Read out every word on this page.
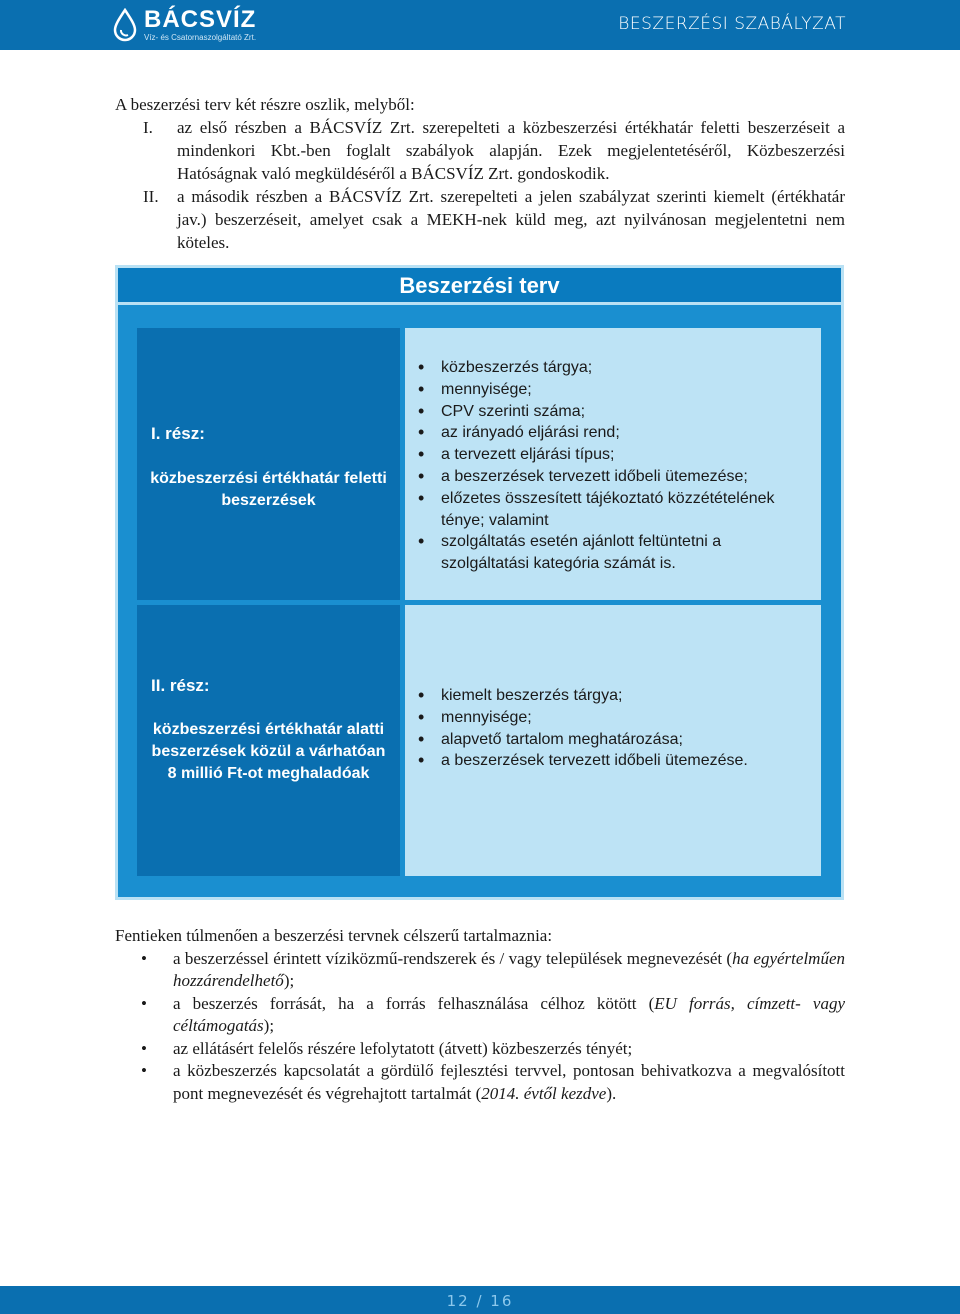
BÁCSVÍZ
Víz- és Csatornaszolgáltató Zrt.
BESZERZÉSI SZABÁLYZAT

A beszerzési terv két részre oszlik, melyből:

I.	az első részben a BÁCSVÍZ Zrt. szerepelteti a közbeszerzési értékhatár feletti beszerzéseit a mindenkori Kbt.-ben foglalt szabályok alapján. Ezek megjelentetéséről, Közbeszerzési Hatóságnak való megküldéséről a BÁCSVÍZ Zrt. gondoskodik.
II.	a második részben a BÁCSVÍZ Zrt. szerepelteti a jelen szabályzat szerinti kiemelt (értékhatár jav.) beszerzéseit, amelyet csak a MEKH-nek küld meg, azt nyilvánosan megjelentetni nem köteles.
Beszerzési terv
I. rész:
közbeszerzési értékhatár feletti
beszerzések
• közbeszerzés tárgya;
• mennyisége;
• CPV szerinti száma;
• az irányadó eljárási rend;
• a tervezett eljárási típus;
• a beszerzések tervezett időbeli ütemezése;
• előzetes összesített tájékoztató közzétételének ténye; valamint
• szolgáltatás esetén ajánlott feltüntetni a szolgáltatási kategória számát is.
II. rész:
közbeszerzési értékhatár alatti
beszerzések közül a várhatóan
8 millió Ft-ot meghaladóak
• kiemelt beszerzés tárgya;
• mennyisége;
• alapvető tartalom meghatározása;
• a beszerzések tervezett időbeli ütemezése.

Fentieken túlmenően a beszerzési tervnek célszerű tartalmaznia:

• a beszerzéssel érintett víziközmű-rendszerek és / vagy települések megnevezését (ha egyértelműen hozzárendelhető);
• a beszerzés forrását, ha a forrás felhasználása célhoz kötött (EU forrás, címzett- vagy céltámogatás);
• az ellátásért felelős részére lefolytatott (átvett) közbeszerzés tényét;
• a közbeszerzés kapcsolatát a gördülő fejlesztési tervvel, pontosan behivatkozva a megvalósított pont megnevezését és végrehajtott tartalmát (2014. évtől kezdve).
12 / 16
